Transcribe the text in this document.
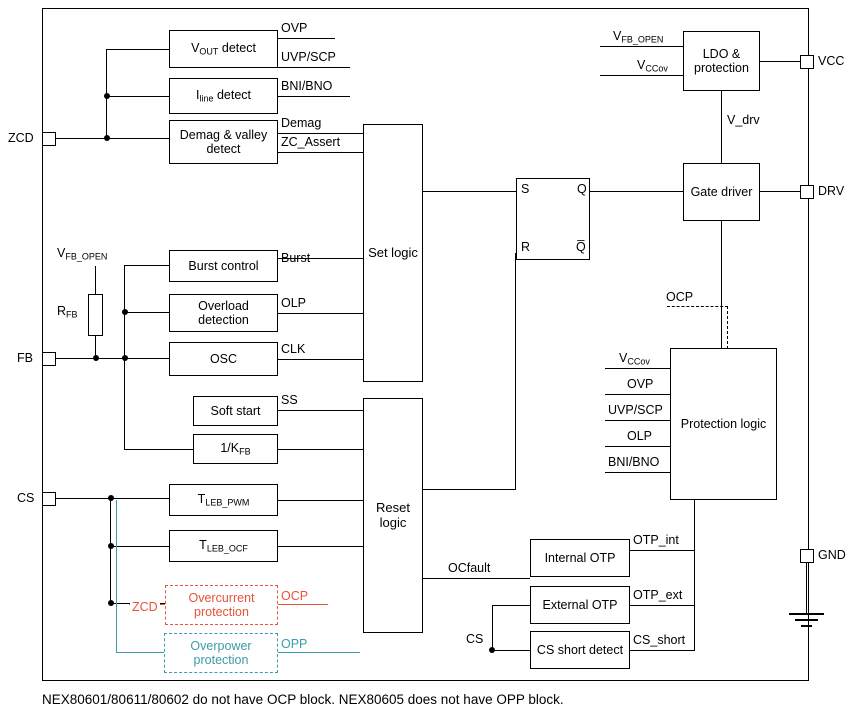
ZCD
FB
CS
VCC
DRV
GND
$V_{OUT}$ detect
$I_{line}$ detect
Demag & valley detect
OVP
UVP/SCP
BNI/BNO
Demag
ZC_Assert
$V_{FB\_OPEN}$
$R_{FB}$
Burst control
Overload detection
OSC
Soft start
$1/K_{FB}$
Burst
OLP
CLK
SS
$T_{LEB\_PWM}$
$T_{LEB\_OCF}$
Overcurrent protection
ZCD
OCP
Overpower protection
OPP
Set logic
Reset logic
S	Q
R	Q̅
LDO & protection
$V_{FB\_OPEN}$
$V_{CCov}$
V_drv
Gate driver
Protection logic
OCP
$V_{CCov}$
OVP
UVP/SCP
OLP
BNI/BNO
Internal OTP
External OTP
CS short detect
OTP_int
OTP_ext
CS_short
CS
OCfault
NEX80601/80611/80602 do not have OCP block. NEX80605 does not have OPP block.
